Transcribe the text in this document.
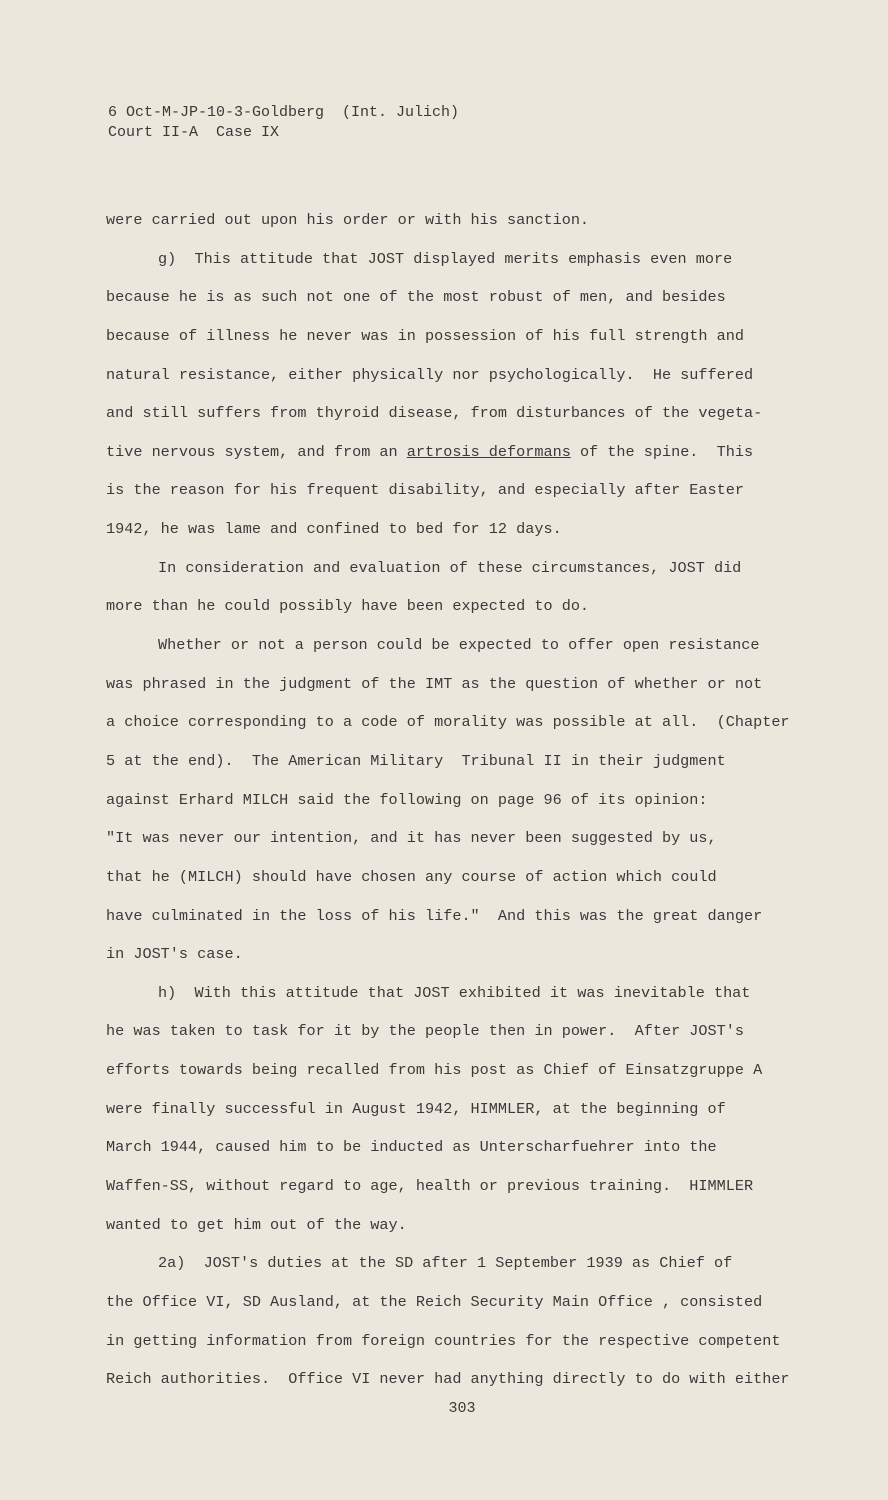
6 Oct-M-JP-10-3-Goldberg  (Int. Julich)
Court II-A  Case IX
were carried out upon his order or with his sanction.
g)  This attitude that JOST displayed merits emphasis even more
because he is as such not one of the most robust of men, and besides
because of illness he never was in possession of his full strength and
natural resistance, either physically nor psychologically.  He suffered
and still suffers from thyroid disease, from disturbances of the vegeta-
tive nervous system, and from an artrosis deformans of the spine.  This
is the reason for his frequent disability, and especially after Easter
1942, he was lame and confined to bed for 12 days.
In consideration and evaluation of these circumstances, JOST did
more than he could possibly have been expected to do.
Whether or not a person could be expected to offer open resistance
was phrased in the judgment of the IMT as the question of whether or not
a choice corresponding to a code of morality was possible at all.  (Chapter
5 at the end).  The American Military  Tribunal II in their judgment
against Erhard MILCH said the following on page 96 of its opinion:
"It was never our intention, and it has never been suggested by us,
that he (MILCH) should have chosen any course of action which could
have culminated in the loss of his life."  And this was the great danger
in JOST's case.
h)  With this attitude that JOST exhibited it was inevitable that
he was taken to task for it by the people then in power.  After JOST's
efforts towards being recalled from his post as Chief of Einsatzgruppe A
were finally successful in August 1942, HIMMLER, at the beginning of
March 1944, caused him to be inducted as Unterscharfuehrer into the
Waffen-SS, without regard to age, health or previous training.  HIMMLER
wanted to get him out of the way.
2a)  JOST's duties at the SD after 1 September 1939 as Chief of
the Office VI, SD Ausland, at the Reich Security Main Office , consisted
in getting information from foreign countries for the respective competent
Reich authorities.  Office VI never had anything directly to do with either
303
